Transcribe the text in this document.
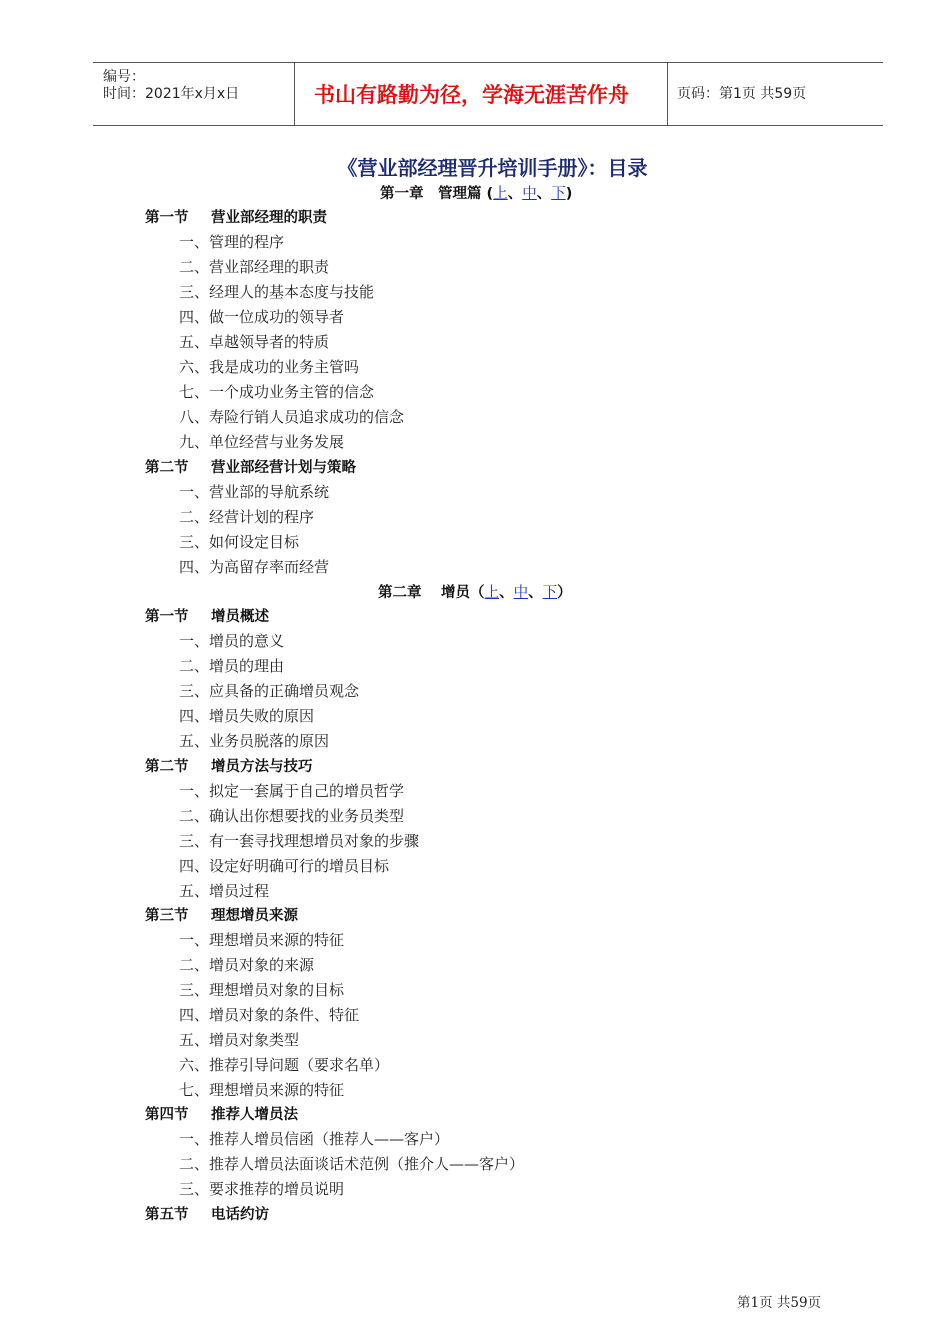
编号：
时间：2021年x月x日	书山有路勤为径，学海无涯苦作舟	页码：第1页 共59页
《营业部经理晋升培训手册》：目录
第一章　管理篇 (上、中、下)
第一节 营业部经理的职责
一、管理的程序
二、营业部经理的职责
三、经理人的基本态度与技能
四、做一位成功的领导者
五、卓越领导者的特质
六、我是成功的业务主管吗
七、一个成功业务主管的信念
八、寿险行销人员追求成功的信念
九、单位经营与业务发展
第二节 营业部经营计划与策略
一、营业部的导航系统
二、经营计划的程序
三、如何设定目标
四、为高留存率而经营
第二章　 增员（上、中、下）
第一节 增员概述
一、增员的意义
二、增员的理由
三、应具备的正确增员观念
四、增员失败的原因
五、业务员脱落的原因
第二节 增员方法与技巧
一、拟定一套属于自己的增员哲学
二、确认出你想要找的业务员类型
三、有一套寻找理想增员对象的步骤
四、设定好明确可行的增员目标
五、增员过程
第三节 理想增员来源
一、理想增员来源的特征
二、增员对象的来源
三、理想增员对象的目标
四、增员对象的条件、特征
五、增员对象类型
六、推荐引导问题（要求名单）
七、理想增员来源的特征
第四节 推荐人增员法
一、推荐人增员信函（推荐人——客户）
二、推荐人增员法面谈话术范例（推介人——客户）
三、要求推荐的增员说明
第五节 电话约访
第1页 共59页
